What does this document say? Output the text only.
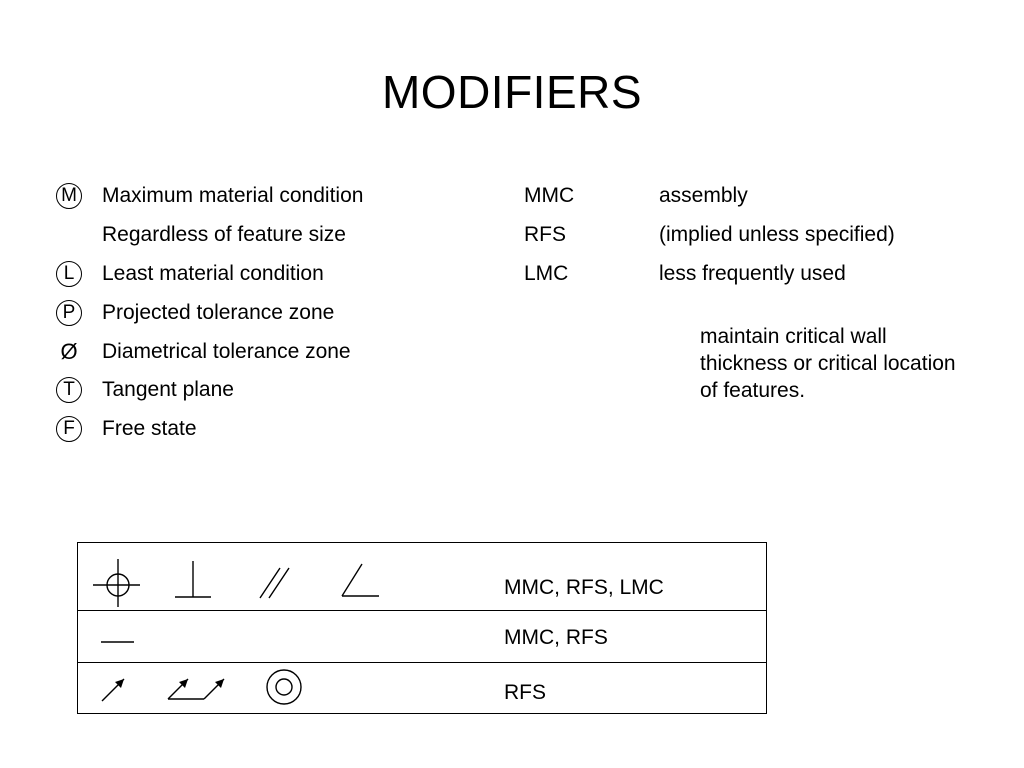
MODIFIERS
M Maximum material condition	MMC	assembly
Regardless of feature size	RFS	(implied unless specified)
L	Least material condition	LMC	less frequently used
P	Projected tolerance zone
Ø Diametrical tolerance zone
T	Tangent plane
F	Free state
maintain critical wall thickness or critical location of features.
MMC, RFS, LMC
MMC, RFS
RFS
